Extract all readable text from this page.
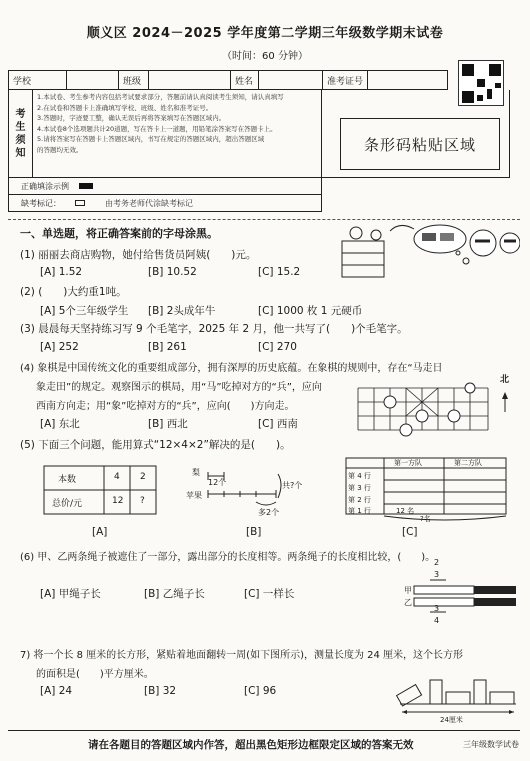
顺义区 2024－2025 学年度第二学期三年级数学期末试卷
（时间：60 分钟）
学校	班级	姓名	准考证号
考
生
须
知
1.本试卷、考生参考内容包括考试要求部分，答题前请认真阅读考生须知，请认真填写
2.在试卷和答题卡上准确填写学校、班级、姓名和准考证号。
3.答题时，字迹要工整，确认无误后再将答案填写在答题区域内。
4.本试卷8个选项题共计20道题，写在答卡上一道题，用铅笔涂答案写在答题卡上。
5.请将答案写在答题卡上答题区域内，书写在规定的答题区域内，超出答题区域
的答题均无效。	条形码粘贴区域
正确填涂示例
缺考标记：	由考务老师代涂缺考标记
一、单选题，将正确答案前的字母涂黑。
(1) 丽丽去商店购物，她付给售货员阿姨(　　)元。
[A] 1.52	[B] 10.52	[C] 15.2
(2) (　　)大约重1吨。
[A] 5个三年级学生 [B] 2头成年牛	[C] 1000 枚 1 元硬币
(3) 晨晨每天坚持练习写 9 个毛笔字，2025 年 2 月，他一共写了(　　)个毛笔字。
[A] 252	[B] 261	[C] 270
(4) 象棋是中国传统文化的重要组成部分，拥有深厚的历史底蕴。在象棋的规则中，存在“马走日
象走田”的规定。观察图示的棋局，用“马”吃掉对方的“兵”，应向
西南方向走；用“象”吃掉对方的“兵”，应向(　　)方向走。
[A] 东北	[B] 西北	[C] 西南
北
(5) 下面三个问题，能用算式“12×4×2”解决的是(　　)。
本数	4 2
总价/元	12 ?
梨
12个
苹果
共?个
多2个
第一方队	第二方队
第 4 行
第 3 行
第 2 行
第 1 行	12 名
?名
[A]	[B]	[C]
(6) 甲、乙两条绳子被遮住了一部分，露出部分的长度相等。两条绳子的长度相比较，(　　)。
[A] 甲绳子长	[B] 乙绳子长	[C] 一样长
2
3
甲
乙
3
4
7) 将一个长 8 厘米的长方形，紧贴着地面翻转一周(如下图所示)，测量长度为 24 厘米，这个长方形
的面积是(　　)平方厘米。
[A] 24	[B] 32	[C] 96
24厘米
请在各题目的答题区域内作答，超出黑色矩形边框限定区域的答案无效	三年级数学试卷
